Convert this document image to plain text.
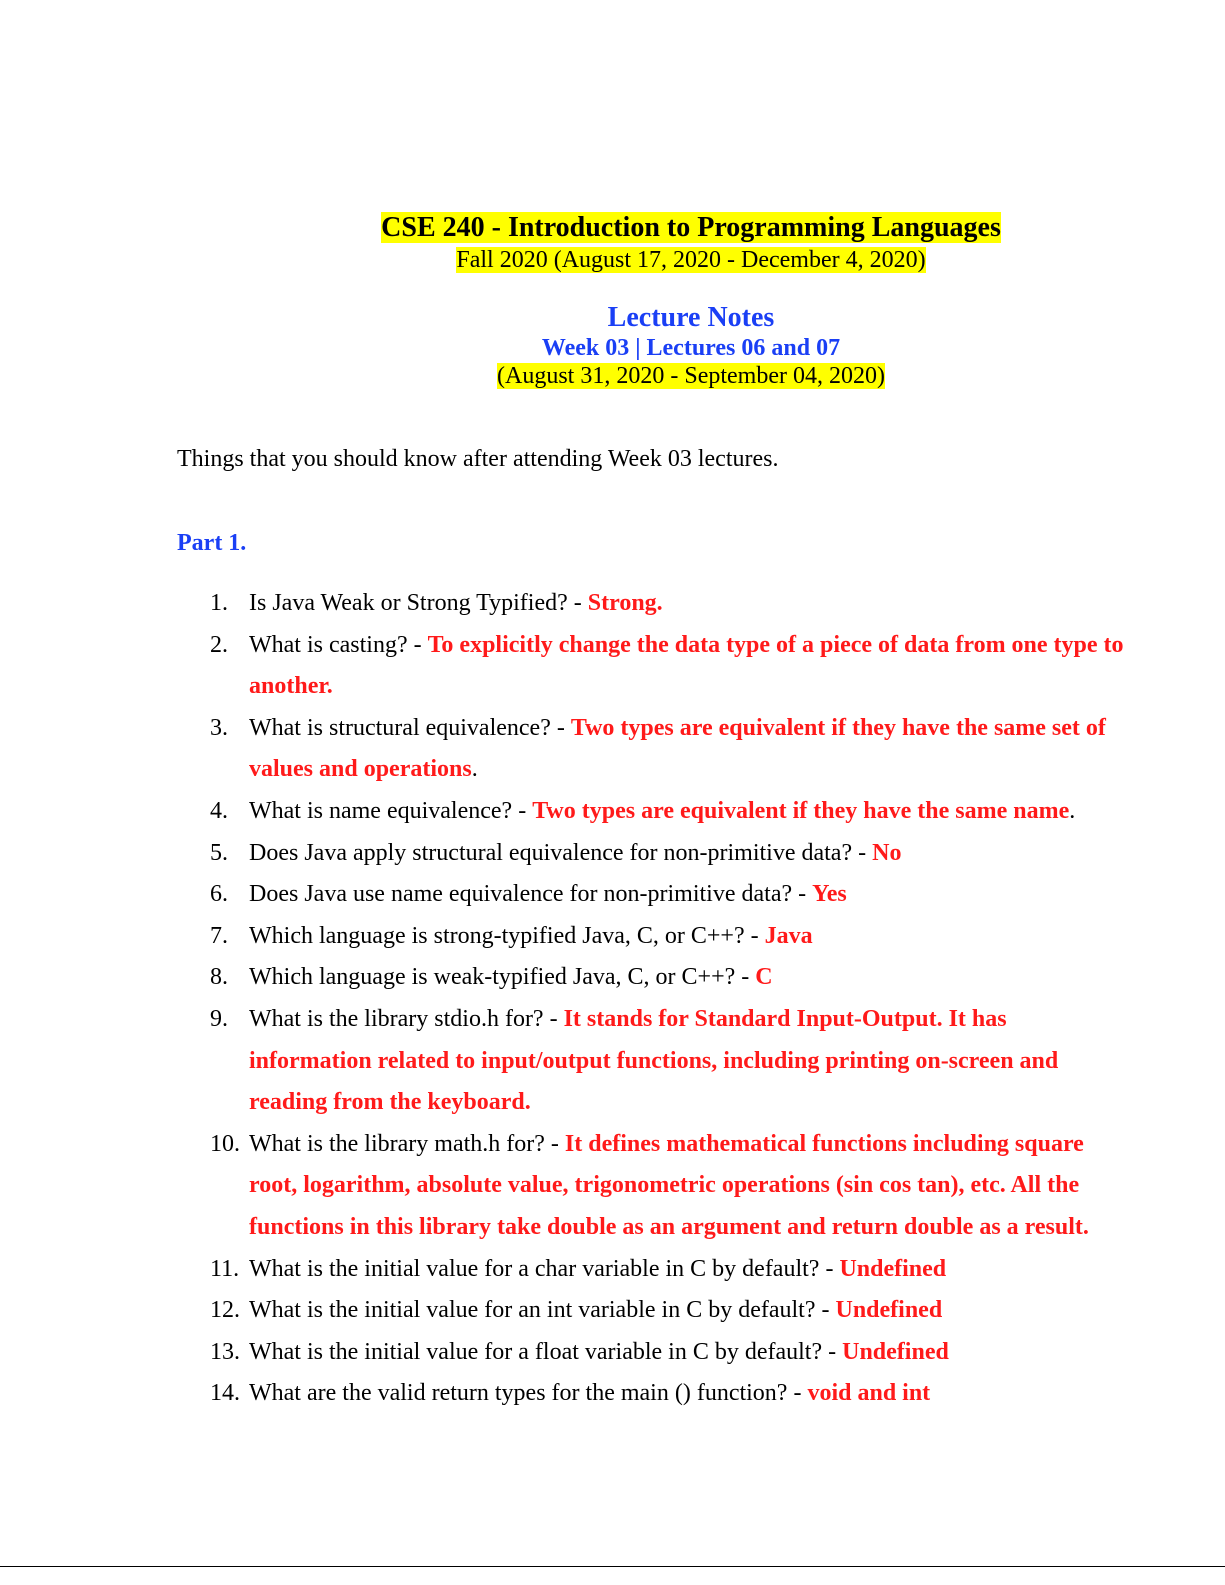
CSE 240 - Introduction to Programming Languages
Fall 2020 (August 17, 2020 - December 4, 2020)
Lecture Notes
Week 03 | Lectures 06 and 07
(August 31, 2020 - September 04, 2020)
Things that you should know after attending Week 03 lectures.
Part 1.
1. Is Java Weak or Strong Typified? - Strong.
2. What is casting? - To explicitly change the data type of a piece of data from one type to another.
3. What is structural equivalence? - Two types are equivalent if they have the same set of values and operations.
4. What is name equivalence? - Two types are equivalent if they have the same name.
5. Does Java apply structural equivalence for non-primitive data? - No
6. Does Java use name equivalence for non-primitive data? - Yes
7. Which language is strong-typified Java, C, or C++? - Java
8. Which language is weak-typified Java, C, or C++? - C
9. What is the library stdio.h for? - It stands for Standard Input-Output. It has information related to input/output functions, including printing on-screen and reading from the keyboard.
10. What is the library math.h for? - It defines mathematical functions including square root, logarithm, absolute value, trigonometric operations (sin cos tan), etc. All the functions in this library take double as an argument and return double as a result.
11. What is the initial value for a char variable in C by default? - Undefined
12. What is the initial value for an int variable in C by default? - Undefined
13. What is the initial value for a float variable in C by default? - Undefined
14. What are the valid return types for the main () function? - void and int
